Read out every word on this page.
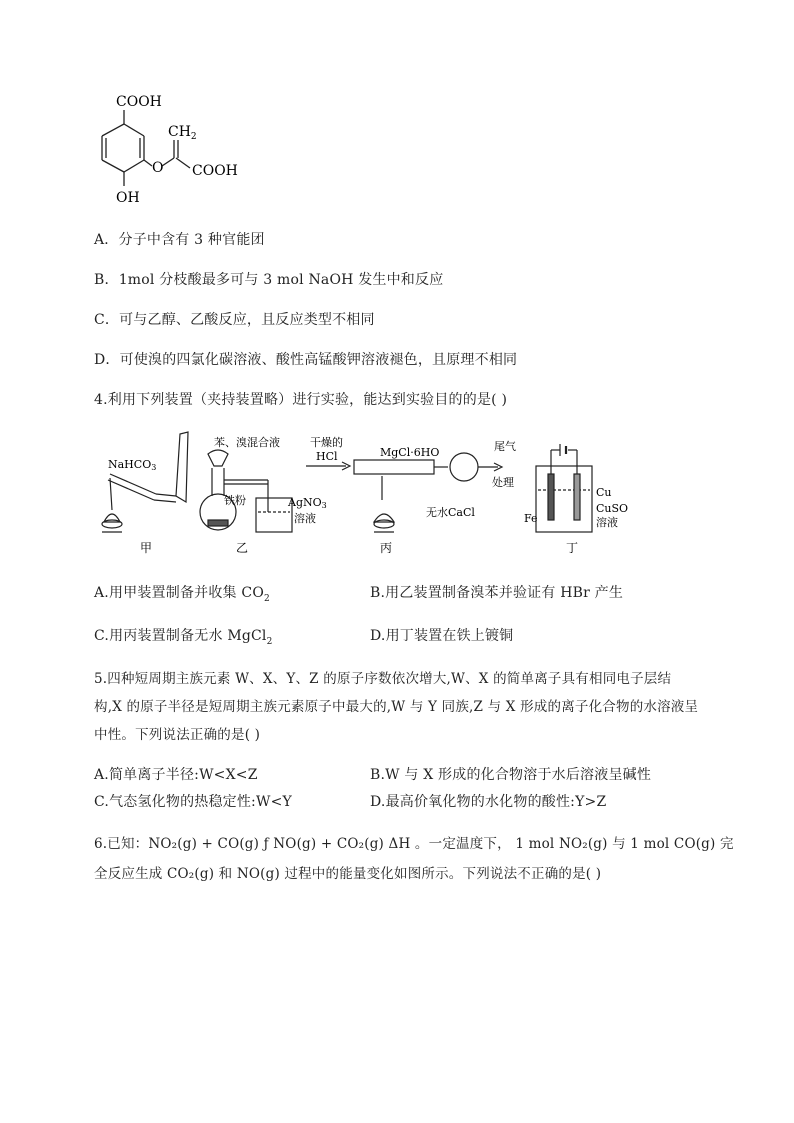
COOH
$CH_2$
O COOH
OH
A．分子中含有 3 种官能团
B．1mol 分枝酸最多可与 3 mol NaOH 发生中和反应
C．可与乙醇、乙酸反应，且反应类型不相同
D．可使溴的四氯化碳溶液、酸性高锰酸钾溶液褪色，且原理不相同
4.利用下列装置（夹持装置略）进行实验，能达到实验目的的是( )
NaHCO3
苯、溴混合液
铁粉	AgNO3
溶液
干燥的
HCl	MgCl·6HO	尾气
处理
无水CaCl
Cu
CuSO
溶液
Fe
甲	乙	丙	丁
A.用甲装置制备并收集 $CO_2$	B.用乙装置制备溴苯并验证有 HBr 产生
C.用丙装置制备无水 MgCl$_2$	D.用丁装置在铁上镀铜
5.四种短周期主族元素 W、X、Y、Z 的原子序数依次增大,W、X 的简单离子具有相同电子层结
构,X 的原子半径是短周期主族元素原子中最大的,W 与 Y 同族,Z 与 X 形成的离子化合物的水溶液呈
中性。下列说法正确的是( )
A.简单离子半径:W<X<Z	B.W 与 X 形成的化合物溶于水后溶液呈碱性
C.气态氢化物的热稳定性:W<Y	D.最高价氧化物的水化物的酸性:Y>Z
6.已知：NO₂(g) + CO(g) ƒ NO(g) + CO₂(g) ΔH 。一定温度下， 1 mol NO₂(g) 与 1 mol CO(g) 完
全反应生成 CO₂(g) 和 NO(g) 过程中的能量变化如图所示。下列说法不正确的是( )
